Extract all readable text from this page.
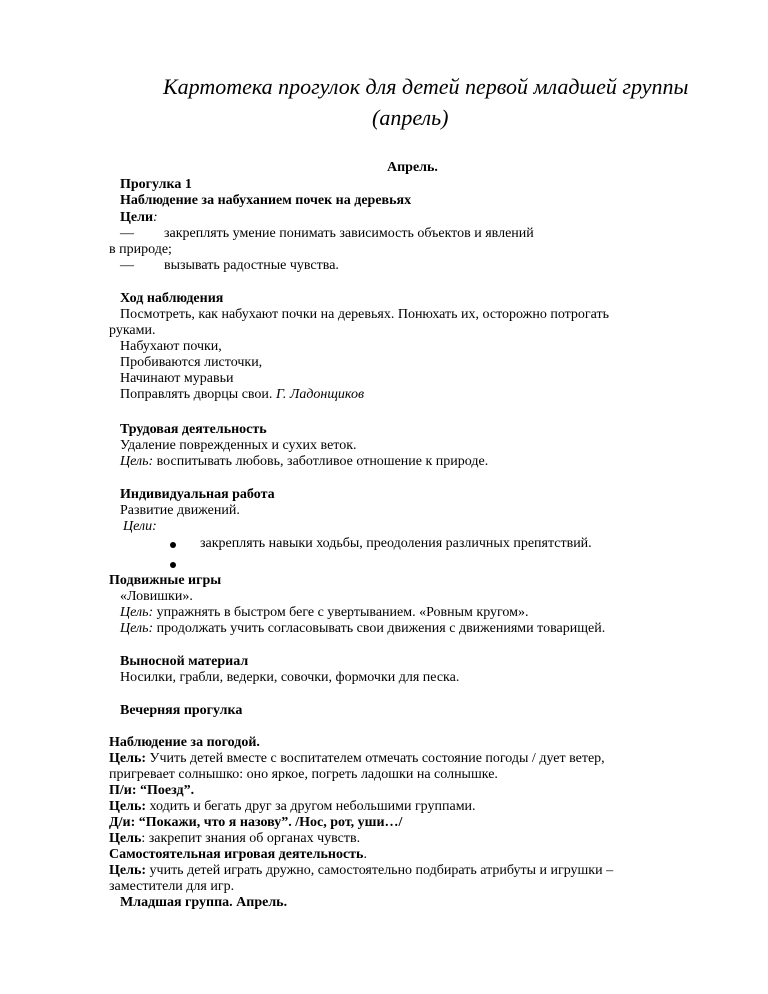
Картотека прогулок для детей первой младшей группы
(апрель)
Апрель.
Прогулка 1
Наблюдение за набуханием почек на деревьях
Цели:
— закреплять умение понимать зависимость объектов и явлений
в природе;
— вызывать радостные чувства.
Ход наблюдения
Посмотреть, как набухают почки на деревьях. Понюхать их, осторожно потрогать
руками.
Набухают почки,
Пробиваются листочки,
Начинают муравьи
Поправлять дворцы свои. Г. Ладонщиков
Трудовая деятельность
Удаление поврежденных и сухих веток.
Цель: воспитывать любовь, заботливое отношение к природе.
Индивидуальная работа
Развитие движений.
Цели:
закреплять навыки ходьбы, преодоления различных препятствий.
Подвижные игры
«Ловишки».
Цель: упражнять в быстром беге с увертыванием. «Ровным кругом».
Цель: продолжать учить согласовывать свои движения с движениями товарищей.
Выносной материал
Носилки, грабли, ведерки, совочки, формочки для песка.
Вечерняя прогулка
Наблюдение за погодой.
Цель: Учить детей вместе с воспитателем отмечать состояние погоды / дует ветер,
пригревает солнышко: оно яркое, погреть ладошки на солнышке.
П/и: “Поезд”.
Цель: ходить и бегать друг за другом небольшими группами.
Д/и: “Покажи, что я назову”. /Нос, рот, уши…/
Цель: закрепит знания об органах чувств.
Самостоятельная игровая деятельность.
Цель: учить детей играть дружно, самостоятельно подбирать атрибуты и игрушки –
заместители для игр.
Младшая группа. Апрель.
